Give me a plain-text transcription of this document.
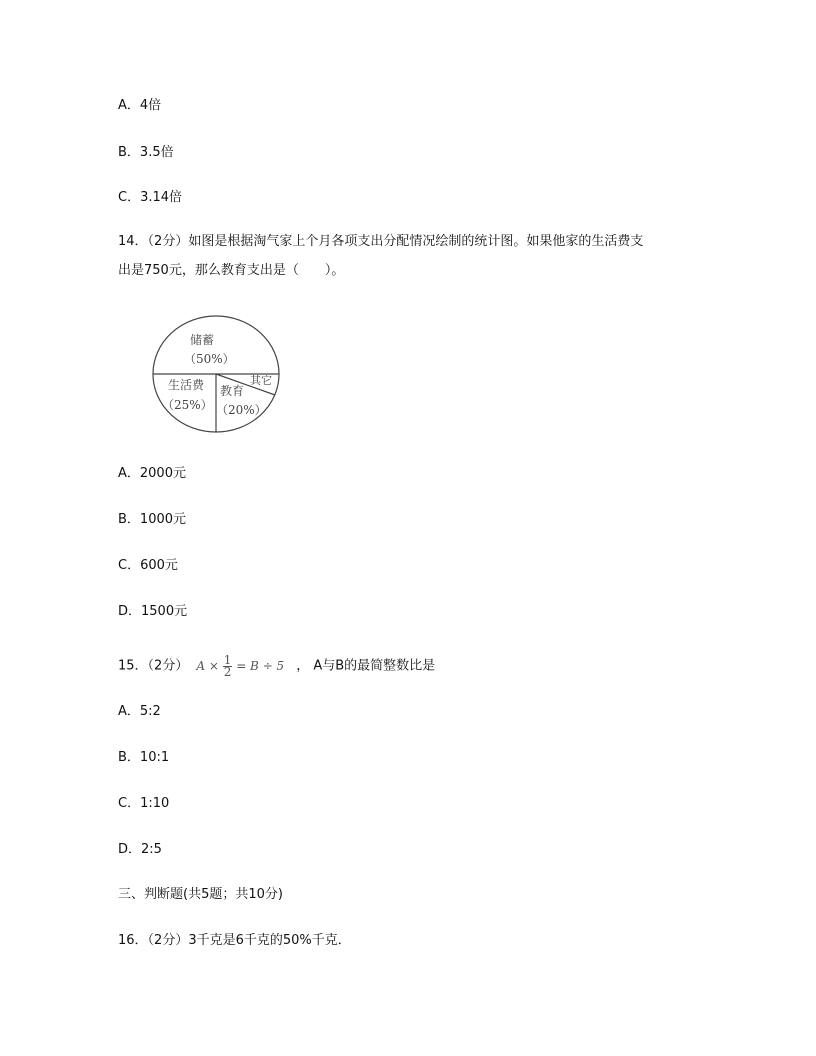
A．4倍
B．3.5倍
C．3.14倍
14．（2分）如图是根据淘气家上个月各项支出分配情况绘制的统计图。如果他家的生活费支
出是750元，那么教育支出是（　　）。
储蓄
（50%）
生活费
（25%）
教育
（20%）
其它
A．2000元
B．1000元
C．600元
D．1500元
15．（2分） $A \times \frac{1}{2} = B \div 5$ ， A与B的最简整数比是
A．5:2
B．10:1
C．1:10
D．2:5
三、判断题(共5题；共10分)
16．（2分）3千克是6千克的50%千克．
